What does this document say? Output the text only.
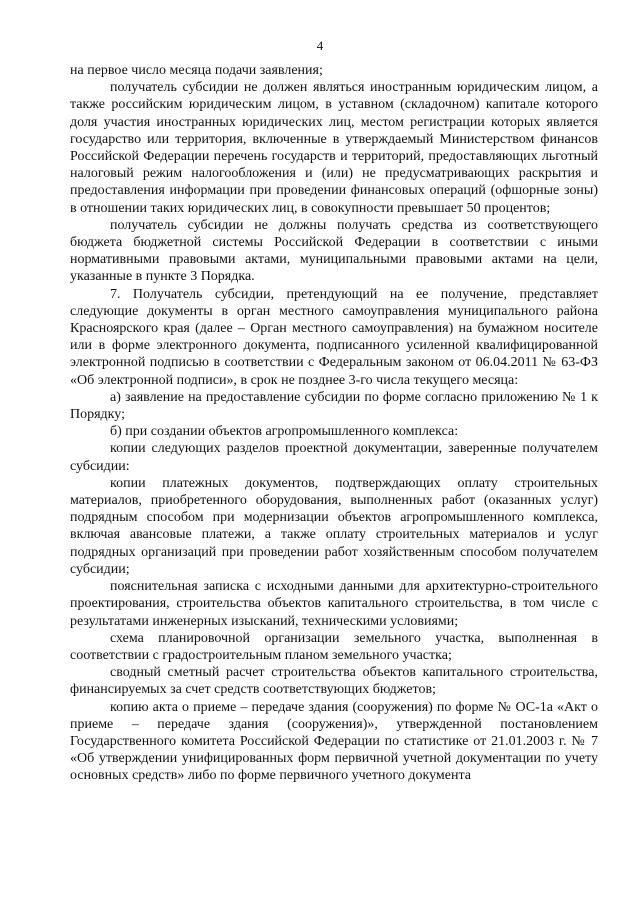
4

на первое число месяца подачи заявления;

получатель субсидии не должен являться иностранным юридическим лицом, а также российским юридическим лицом, в уставном (складочном) капитале которого доля участия иностранных юридических лиц, местом регистрации которых является государство или территория, включенные в утверждаемый Министерством финансов Российской Федерации перечень государств и территорий, предоставляющих льготный налоговый режим налогообложения и (или) не предусматривающих раскрытия и предоставления информации при проведении финансовых операций (офшорные зоны) в отношении таких юридических лиц, в совокупности превышает 50 процентов;

получатель субсидии не должны получать средства из соответствующего бюджета бюджетной системы Российской Федерации в соответствии с иными нормативными правовыми актами, муниципальными правовыми актами на цели, указанные в пункте 3 Порядка.

7. Получатель субсидии, претендующий на ее получение, представляет следующие документы в орган местного самоуправления муниципального района Красноярского края (далее – Орган местного самоуправления) на бумажном носителе или в форме электронного документа, подписанного усиленной квалифицированной электронной подписью в соответствии с Федеральным законом от 06.04.2011 № 63-ФЗ «Об электронной подписи», в срок не позднее 3-го числа текущего месяца:

а) заявление на предоставление субсидии по форме согласно приложению № 1 к Порядку;

б) при создании объектов агропромышленного комплекса:

копии следующих разделов проектной документации, заверенные получателем субсидии:

копии платежных документов, подтверждающих оплату строительных материалов, приобретенного оборудования, выполненных работ (оказанных услуг) подрядным способом при модернизации объектов агропромышленного комплекса, включая авансовые платежи, а также оплату строительных материалов и услуг подрядных организаций при проведении работ хозяйственным способом получателем субсидии;

пояснительная записка с исходными данными для архитектурно-строительного проектирования, строительства объектов капитального строительства, в том числе с результатами инженерных изысканий, техническими условиями;

схема планировочной организации земельного участка, выполненная в соответствии с градостроительным планом земельного участка;

сводный сметный расчет строительства объектов капитального строительства, финансируемых за счет средств соответствующих бюджетов;

копию акта о приеме – передаче здания (сооружения) по форме № ОС-1а «Акт о приеме – передаче здания (сооружения)», утвержденной постановлением Государственного комитета Российской Федерации по статистике от 21.01.2003 г. № 7 «Об утверждении унифицированных форм первичной учетной документации по учету основных средств» либо по форме первичного учетного документа
